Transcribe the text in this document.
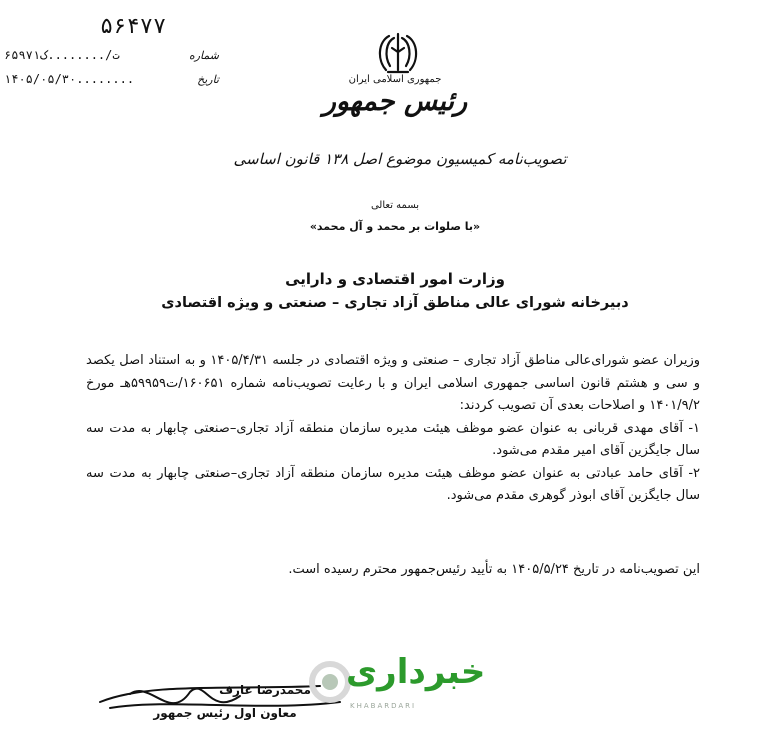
۵۶۴۷۷
شماره
۶۵۹۷۱ت/........ک
تاریخ
۱۴۰۵/۰۵/۳۰........	جمهوری اسلامی ایران
رئیس جمهور
تصویب‌نامه کمیسیون موضوع اصل ۱۳۸ قانون اساسی
بسمه تعالی
«با صلوات بر محمد و آل محمد»
وزارت امور اقتصادی و دارایی
دبیرخانه شورای عالی مناطق آزاد تجاری – صنعتی و ویژه اقتصادی

وزیران عضو شورای‌عالی مناطق آزاد تجاری – صنعتی و ویژه اقتصادی در جلسه ۱۴۰۵/۴/۳۱ و به استناد اصل یکصد و سی و هشتم قانون اساسی جمهوری اسلامی ایران و با رعایت تصویب‌نامه شماره ۱۶۰۶۵۱/ت۵۹۹۵۹هـ مورخ ۱۴۰۱/۹/۲ و اصلاحات بعدی آن تصویب کردند:

۱- آقای مهدی قربانی به عنوان عضو موظف هیئت مدیره سازمان منطقه آزاد تجاری–صنعتی چابهار به مدت سه سال جایگزین آقای امیر مقدم می‌شود.

۲- آقای حامد عبادتی به عنوان عضو موظف هیئت مدیره سازمان منطقه آزاد تجاری–صنعتی چابهار به مدت سه سال جایگزین آقای ابوذر گوهری مقدم می‌شود.

این تصویب‌نامه در تاریخ ۱۴۰۵/۵/۲۴ به تأیید رئیس‌جمهور محترم رسیده است.
محمدرضا عارف
معاون اول رئیس جمهور
خبرداری
KHABARDARI
